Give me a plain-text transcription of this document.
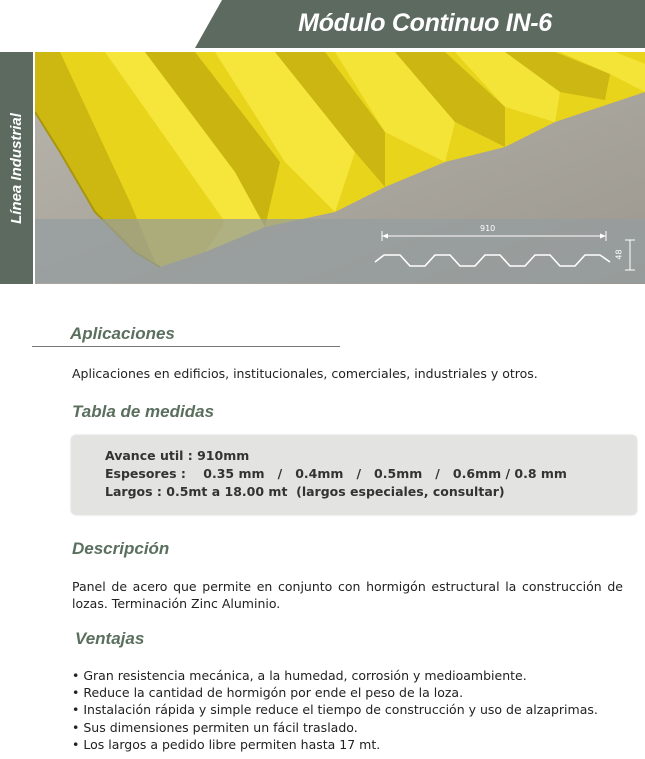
Módulo Continuo IN-6
Línea Industrial
910
48
Aplicaciones
Aplicaciones en edificios, institucionales, comerciales, industriales y otros.
Tabla de medidas
Avance util : 910mm
Espesores :    0.35 mm   /   0.4mm   /   0.5mm   /   0.6mm / 0.8 mm
Largos : 0.5mt a 18.00 mt  (largos especiales, consultar)
Descripción
Panel de acero que permite en conjunto con hormigón estructural la construcción de lozas. Terminación Zinc Aluminio.
Ventajas
• Gran resistencia mecánica, a la humedad, corrosión y medioambiente.
• Reduce la cantidad de hormigón por ende el peso de la loza.
• Instalación rápida y simple reduce el tiempo de construcción y uso de alzaprimas.
• Sus dimensiones permiten un fácil traslado.
• Los largos a pedido libre permiten hasta 17 mt.
